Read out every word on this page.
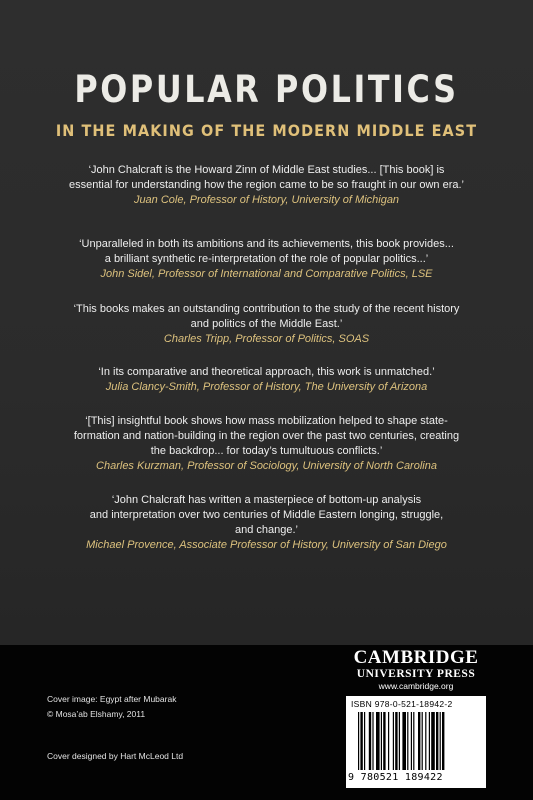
POPULAR POLITICS
IN THE MAKING OF THE MODERN MIDDLE EAST
‘John Chalcraft is the Howard Zinn of Middle East studies... [This book] is
essential for understanding how the region came to be so fraught in our own era.’
Juan Cole, Professor of History, University of Michigan
‘Unparalleled in both its ambitions and its achievements, this book provides...
a brilliant synthetic re-interpretation of the role of popular politics...’
John Sidel, Professor of International and Comparative Politics, LSE
‘This books makes an outstanding contribution to the study of the recent history
and politics of the Middle East.’
Charles Tripp, Professor of Politics, SOAS
‘In its comparative and theoretical approach, this work is unmatched.’
Julia Clancy-Smith, Professor of History, The University of Arizona
‘[This] insightful book shows how mass mobilization helped to shape state-
formation and nation-building in the region over the past two centuries, creating
the backdrop... for today’s tumultuous conflicts.’
Charles Kurzman, Professor of Sociology, University of North Carolina
‘John Chalcraft has written a masterpiece of bottom-up analysis
and interpretation over two centuries of Middle Eastern longing, struggle,
and change.’
Michael Provence, Associate Professor of History, University of San Diego
Cover image: Egypt after Mubarak
© Mosa’ab Elshamy, 2011
Cover designed by Hart McLeod Ltd
CAMBRIDGE
UNIVERSITY PRESS
www.cambridge.org
ISBN 978-0-521-18942-2
9 780521 189422
